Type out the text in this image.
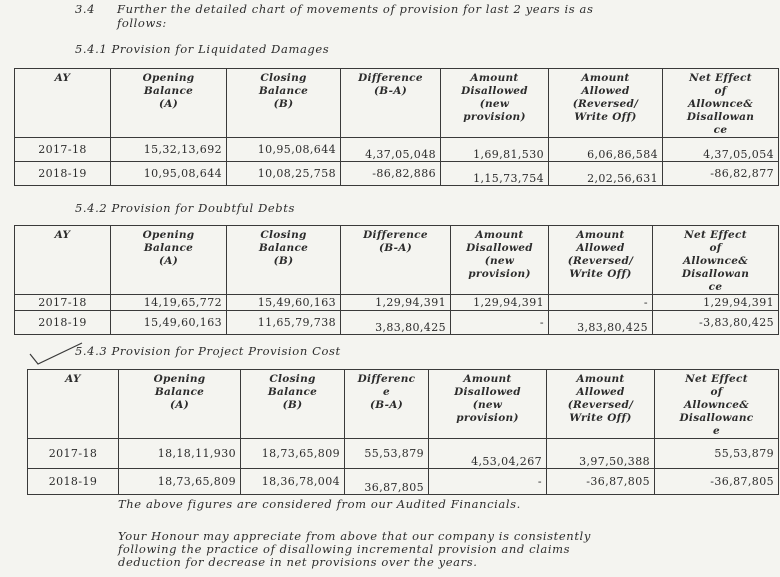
3.4 Further the detailed chart of movements of provision for last 2 years is as
follows:
5.4.1 Provision for Liquidated Damages
AY	Opening
Balance
(A)	Closing
Balance
(B)	Difference
(B-A)	Amount
Disallowed
(new
provision)	Amount
Allowed
(Reversed/
Write Off)	Net Effect
of
Allownce&
Disallowan
ce

2017-18	15,32,13,692	10,95,08,644	4,37,05,048	1,69,81,530	6,06,86,584	4,37,05,054
2018-19	10,95,08,644	10,08,25,758	-86,82,886	1,15,73,754	2,02,56,631	-86,82,877
5.4.2 Provision for Doubtful Debts
AY	Opening
Balance
(A)	Closing
Balance
(B)	Difference
(B-A)	Amount
Disallowed
(new
provision)	Amount
Allowed
(Reversed/
Write Off)	Net Effect
of
Allownce&
Disallowan
ce

2017-18	14,19,65,772	15,49,60,163	1,29,94,391	1,29,94,391	-	1,29,94,391
2018-19	15,49,60,163	11,65,79,738	3,83,80,425	-	3,83,80,425	-3,83,80,425
5.4.3 Provision for Project Provision Cost
AY	Opening
Balance
(A)	Closing
Balance
(B)	Differenc
e
(B-A)	Amount
Disallowed
(new
provision)	Amount
Allowed
(Reversed/
Write Off)	Net Effect
of
Allownce&
Disallowanc
e

2017-18	18,18,11,930	18,73,65,809	55,53,879	4,53,04,267	3,97,50,388	55,53,879
2018-19	18,73,65,809	18,36,78,004	36,87,805	-	-36,87,805	-36,87,805
The above figures are considered from our Audited Financials.
Your Honour may appreciate from above that our company is consistently
following the practice of disallowing incremental provision and claims
deduction for decrease in net provisions over the years.
